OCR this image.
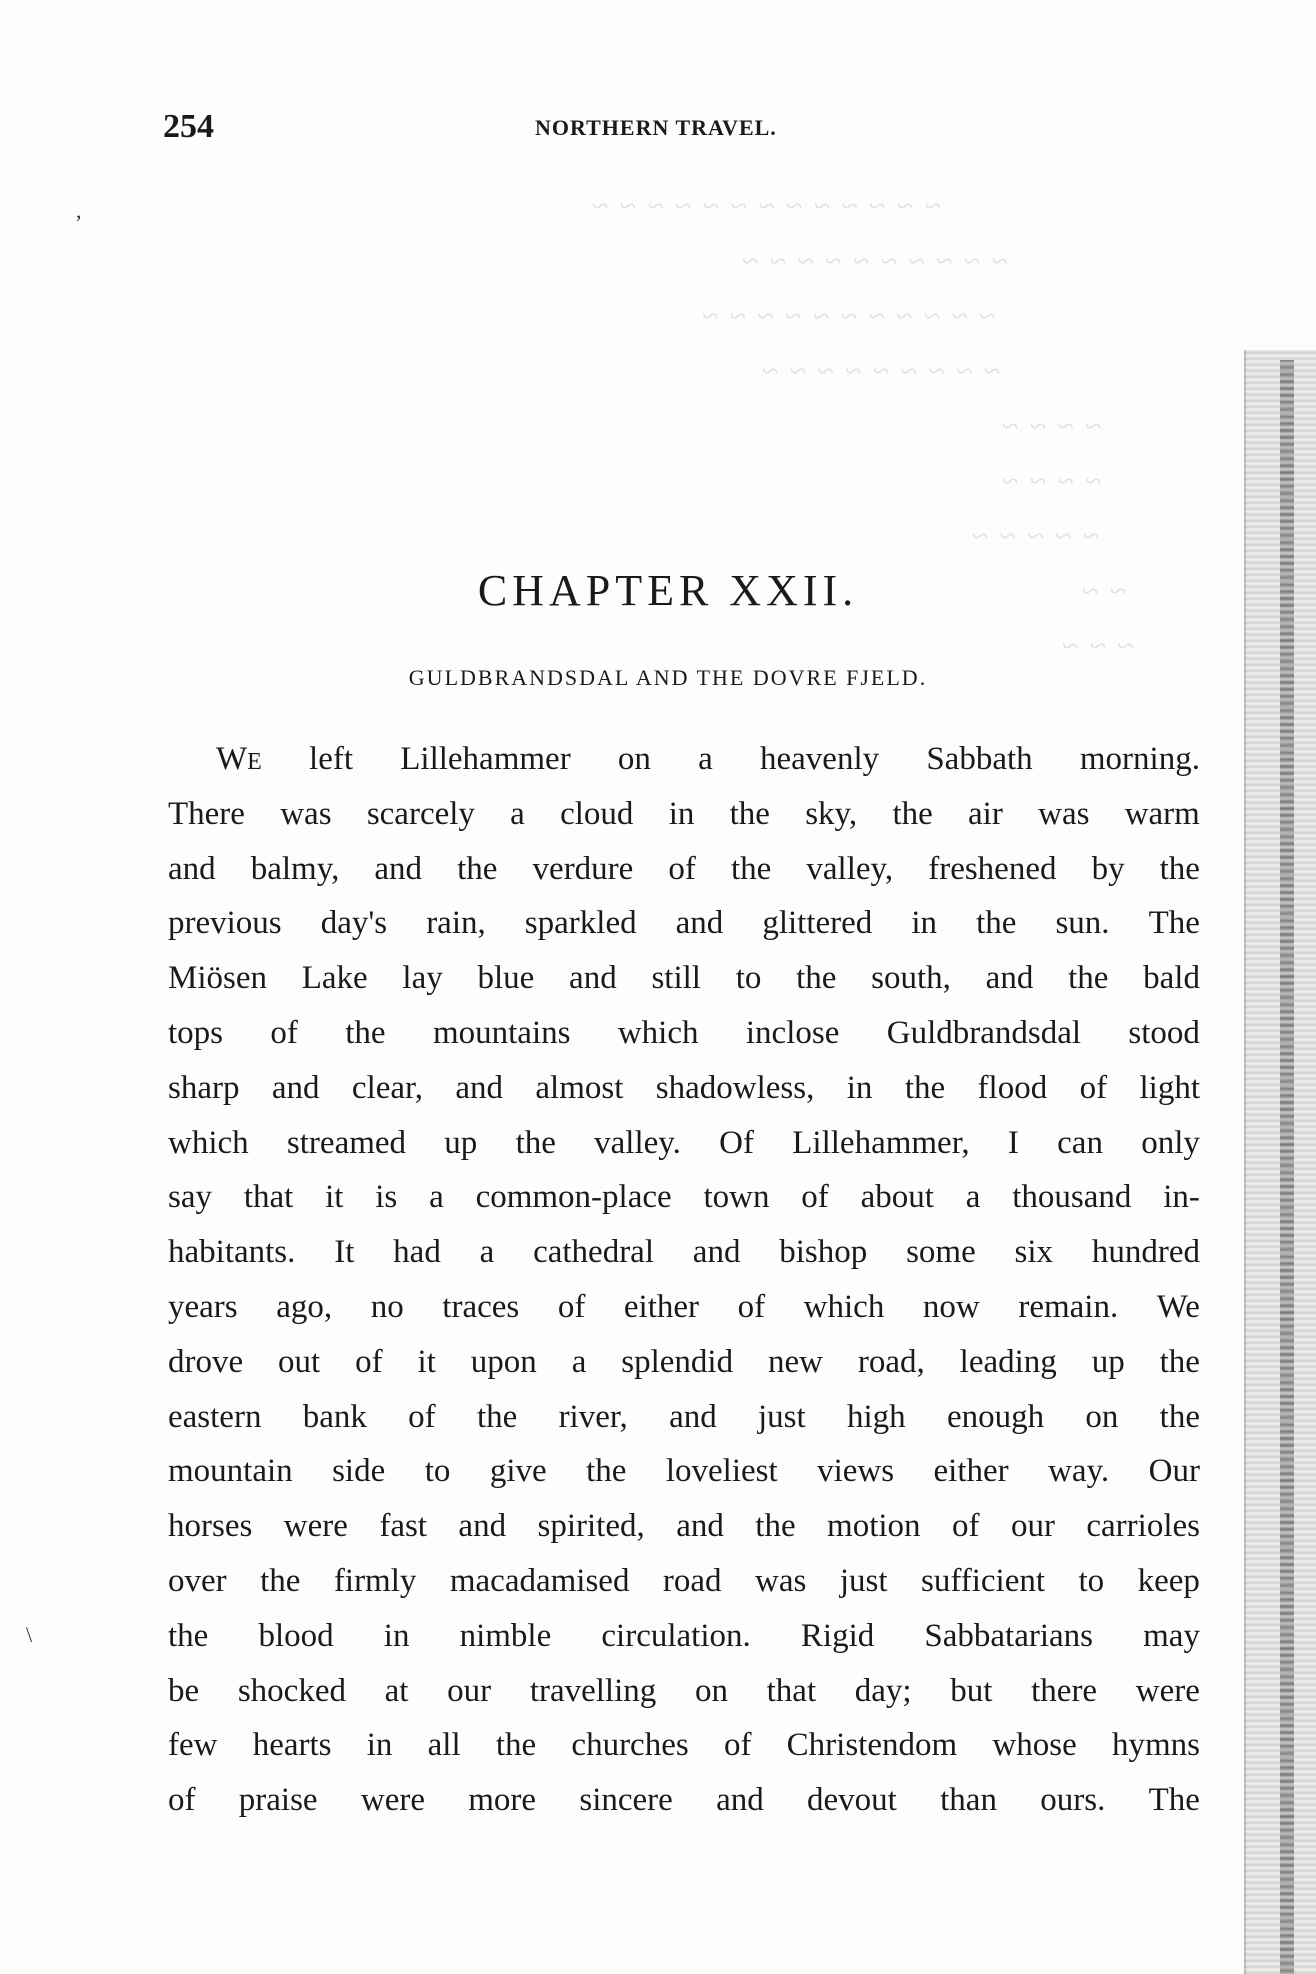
~ ~ ~ ~ ~ ~ ~ ~ ~ ~ ~ ~ ~
~ ~ ~ ~ ~ ~ ~ ~ ~ ~
~ ~ ~ ~ ~ ~ ~ ~ ~ ~ ~
~ ~ ~ ~ ~ ~ ~ ~ ~
~ ~ ~ ~
~ ~ ~ ~
~ ~ ~ ~ ~
~ ~
~ ~ ~
254	NORTHERN TRAVEL.
CHAPTER XXII.
GULDBRANDSDAL AND THE DOVRE FJELD.
WE left Lillehammer on a heavenly Sabbath morning.
There was scarcely a cloud in the sky, the air was warm
and balmy, and the verdure of the valley, freshened by the
previous day's rain, sparkled and glittered in the sun. The
Miösen Lake lay blue and still to the south, and the bald
tops of the mountains which inclose Guldbrandsdal stood
sharp and clear, and almost shadowless, in the flood of light
which streamed up the valley. Of Lillehammer, I can only
say that it is a common-place town of about a thousand in-
habitants. It had a cathedral and bishop some six hundred
years ago, no traces of either of which now remain. We
drove out of it upon a splendid new road, leading up the
eastern bank of the river, and just high enough on the
mountain side to give the loveliest views either way. Our
horses were fast and spirited, and the motion of our carrioles
over the firmly macadamised road was just sufficient to keep
the blood in nimble circulation. Rigid Sabbatarians may
be shocked at our travelling on that day; but there were
few hearts in all the churches of Christendom whose hymns
of praise were more sincere and devout than ours. The
,
\
